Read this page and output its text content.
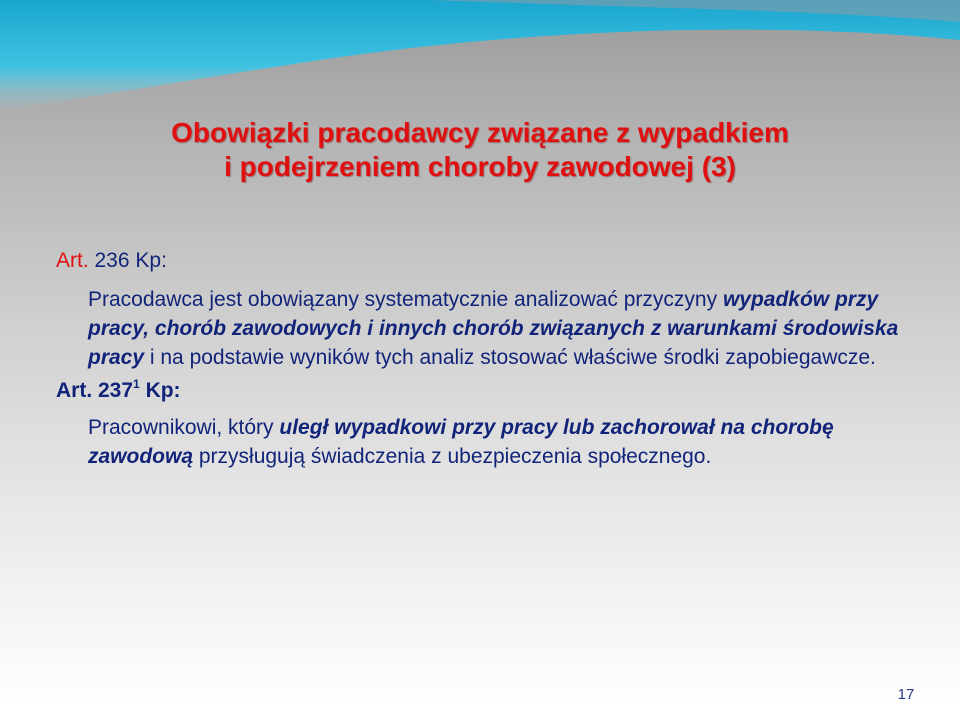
Obowiązki pracodawcy związane z wypadkiem
i podejrzeniem choroby zawodowej (3)
Art. 236 Kp:
Pracodawca jest obowiązany systematycznie analizować przyczyny wypadków przy pracy, chorób zawodowych i innych chorób związanych z warunkami środowiska pracy i na podstawie wyników tych analiz stosować właściwe środki zapobiegawcze.
Art. $237^1$ Kp:
Pracownikowi, który uległ wypadkowi przy pracy lub zachorował na chorobę zawodową przysługują świadczenia z ubezpieczenia społecznego.
17
